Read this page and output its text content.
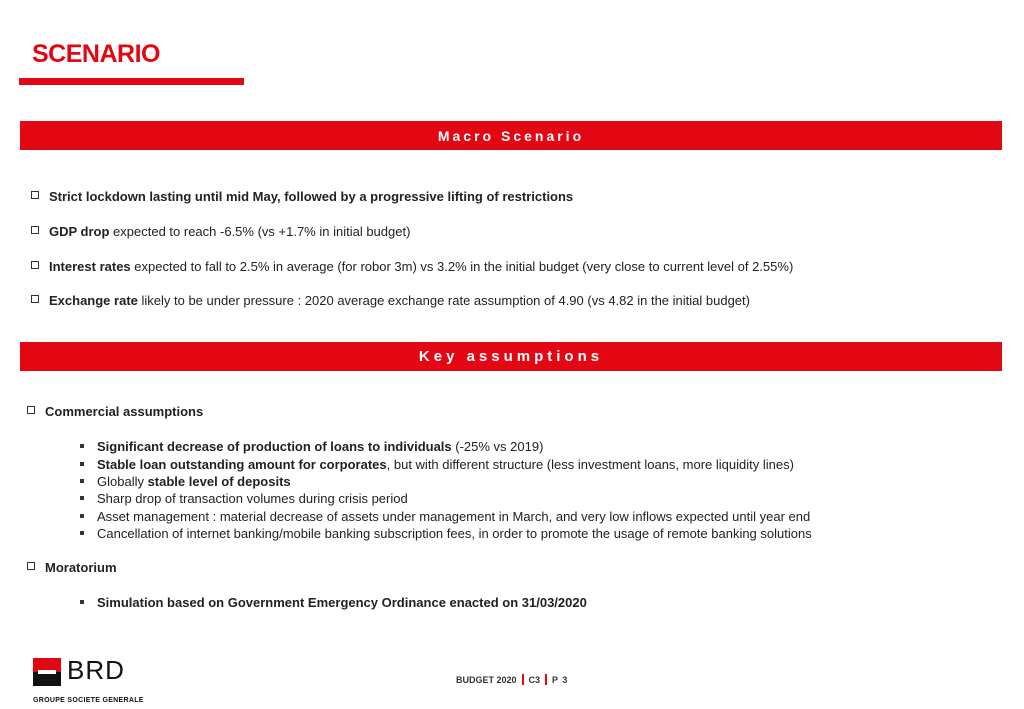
SCENARIO
Macro Scenario
Strict lockdown lasting until mid May, followed by a progressive lifting of restrictions
GDP drop expected to reach -6.5% (vs +1.7% in initial budget)
Interest rates expected to fall to 2.5% in average (for robor 3m) vs 3.2% in the initial budget (very close to current level of 2.55%)
Exchange rate likely to be under pressure : 2020 average exchange rate assumption of 4.90 (vs 4.82 in the initial budget)
Key assumptions
Commercial assumptions
Significant decrease of production of loans to individuals (-25% vs 2019)
Stable loan outstanding amount for corporates, but with different structure (less investment loans, more liquidity lines)
Globally stable level of deposits
Sharp drop of transaction volumes during crisis period
Asset management : material decrease of assets under management in March, and very low inflows expected until year end
Cancellation of internet banking/mobile banking subscription fees, in order to promote the usage of remote banking solutions
Moratorium
Simulation based on Government Emergency Ordinance enacted on 31/03/2020
BRD
GROUPE SOCIETE GENERALE
BUDGET 2020 C3 P 3
